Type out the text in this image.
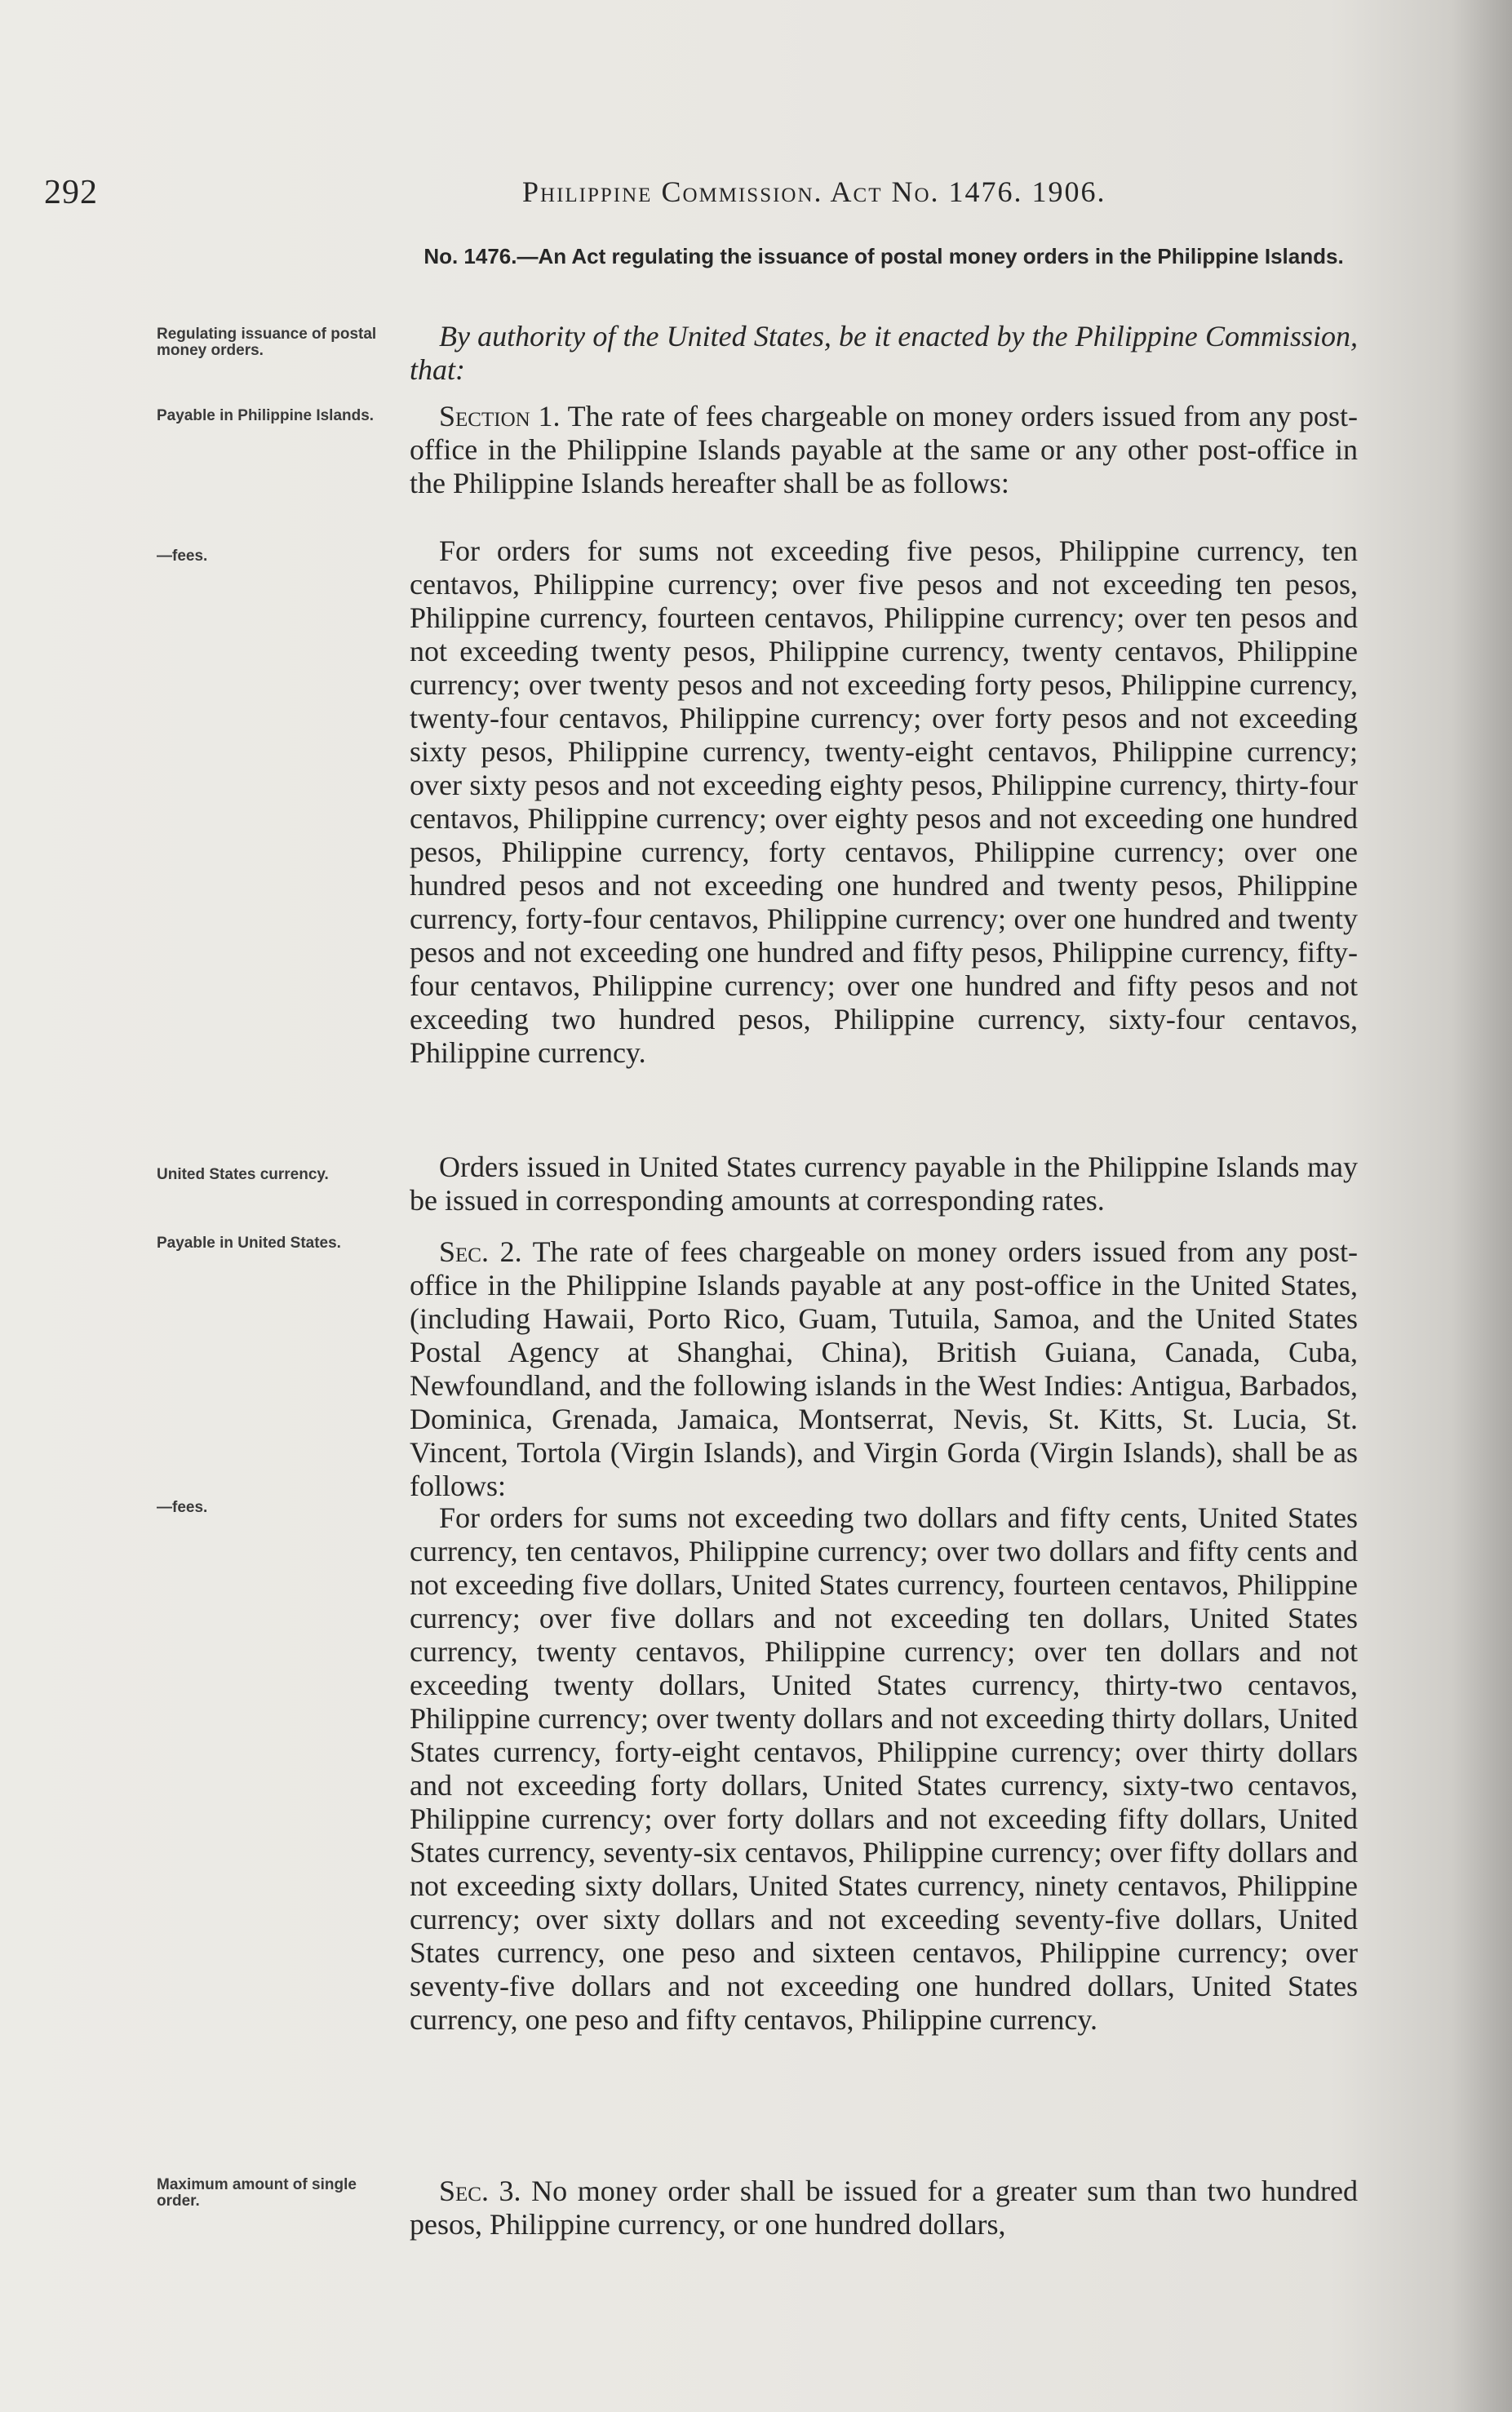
292	Philippine Commission. Act No. 1476. 1906.
No. 1476.—An Act regulating the issuance of postal money orders in the Philippine Islands.
Regulating issuance of postal money orders.
Payable in Philippine Islands.
—fees.
United States currency.
Payable in United States.
—fees.
Maximum amount of single order.
By authority of the United States, be it enacted by the Philippine Commission, that:
Section 1. The rate of fees chargeable on money orders issued from any post-office in the Philippine Islands payable at the same or any other post-office in the Philippine Islands hereafter shall be as follows:
For orders for sums not exceeding five pesos, Philippine currency, ten centavos, Philippine currency; over five pesos and not exceeding ten pesos, Philippine currency, fourteen centavos, Philippine currency; over ten pesos and not exceeding twenty pesos, Philippine currency, twenty centavos, Philippine currency; over twenty pesos and not exceeding forty pesos, Philippine currency, twenty-four centavos, Philippine currency; over forty pesos and not exceeding sixty pesos, Philippine currency, twenty-eight centavos, Philippine currency; over sixty pesos and not exceeding eighty pesos, Philippine currency, thirty-four centavos, Philippine currency; over eighty pesos and not exceeding one hundred pesos, Philippine currency, forty centavos, Philippine currency; over one hundred pesos and not exceeding one hundred and twenty pesos, Philippine currency, forty-four centavos, Philippine currency; over one hundred and twenty pesos and not exceeding one hundred and fifty pesos, Philippine currency, fifty-four centavos, Philippine currency; over one hundred and fifty pesos and not exceeding two hundred pesos, Philippine currency, sixty-four centavos, Philippine currency.
Orders issued in United States currency payable in the Philippine Islands may be issued in corresponding amounts at corresponding rates.
Sec. 2. The rate of fees chargeable on money orders issued from any post-office in the Philippine Islands payable at any post-office in the United States, (including Hawaii, Porto Rico, Guam, Tutuila, Samoa, and the United States Postal Agency at Shanghai, China), British Guiana, Canada, Cuba, Newfoundland, and the following islands in the West Indies: Antigua, Barbados, Dominica, Grenada, Jamaica, Montserrat, Nevis, St. Kitts, St. Lucia, St. Vincent, Tortola (Virgin Islands), and Virgin Gorda (Virgin Islands), shall be as follows:
For orders for sums not exceeding two dollars and fifty cents, United States currency, ten centavos, Philippine currency; over two dollars and fifty cents and not exceeding five dollars, United States currency, fourteen centavos, Philippine currency; over five dollars and not exceeding ten dollars, United States currency, twenty centavos, Philippine currency; over ten dollars and not exceeding twenty dollars, United States currency, thirty-two centavos, Philippine currency; over twenty dollars and not exceeding thirty dollars, United States currency, forty-eight centavos, Philippine currency; over thirty dollars and not exceeding forty dollars, United States currency, sixty-two centavos, Philippine currency; over forty dollars and not exceeding fifty dollars, United States currency, seventy-six centavos, Philippine currency; over fifty dollars and not exceeding sixty dollars, United States currency, ninety centavos, Philippine currency; over sixty dollars and not exceeding seventy-five dollars, United States currency, one peso and sixteen centavos, Philippine currency; over seventy-five dollars and not exceeding one hundred dollars, United States currency, one peso and fifty centavos, Philippine currency.
Sec. 3. No money order shall be issued for a greater sum than two hundred pesos, Philippine currency, or one hundred dollars,
